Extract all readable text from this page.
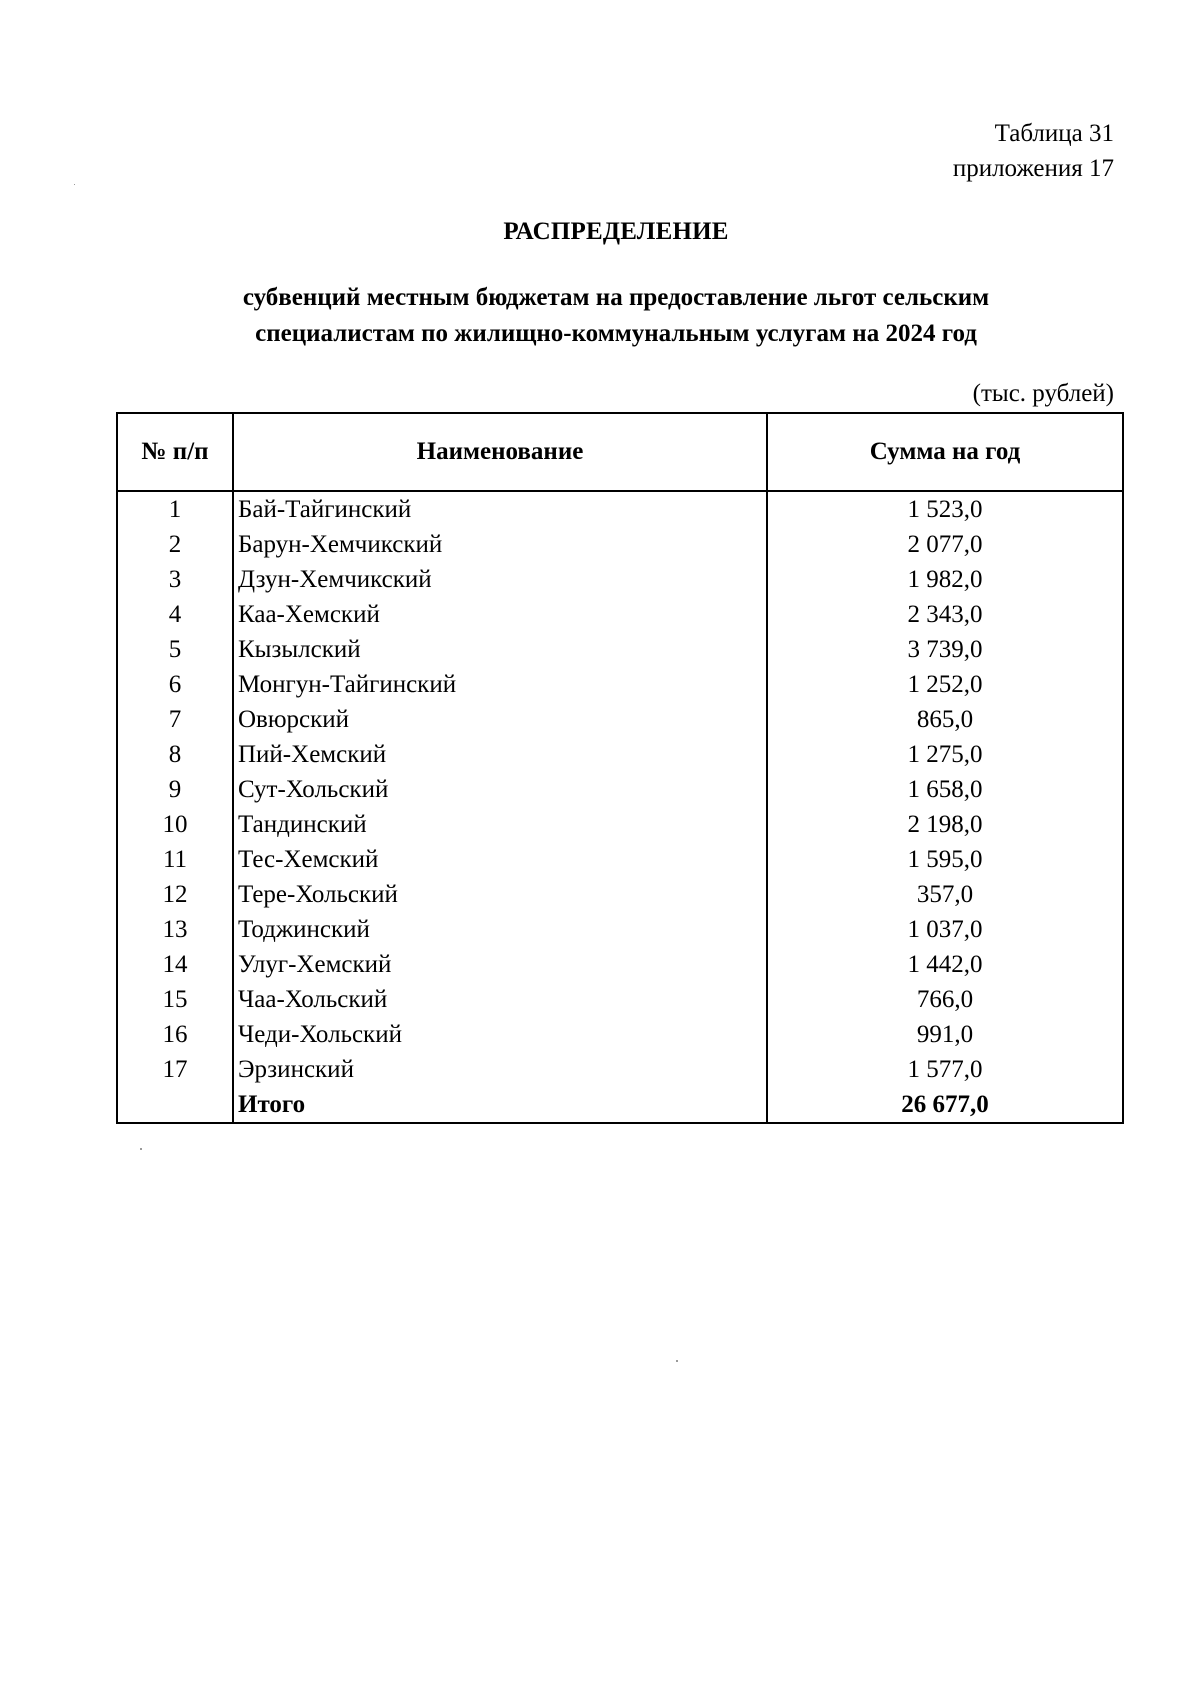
Таблица 31
приложения 17
РАСПРЕДЕЛЕНИЕ
субвенций местным бюджетам на предоставление льгот сельским
специалистам по жилищно-коммунальным услугам на 2024 год
(тыс. рублей)
№ п/п	Наименование	Сумма на год
1	Бай-Тайгинский	1 523,0
2	Барун-Хемчикский	2 077,0
3	Дзун-Хемчикский	1 982,0
4	Каа-Хемский	2 343,0
5	Кызылский	3 739,0
6	Монгун-Тайгинский	1 252,0
7	Овюрский	865,0
8	Пий-Хемский	1 275,0
9	Сут-Хольский	1 658,0
10	Тандинский	2 198,0
11	Тес-Хемский	1 595,0
12	Тере-Хольский	357,0
13	Тоджинский	1 037,0
14	Улуг-Хемский	1 442,0
15	Чаа-Хольский	766,0
16	Чеди-Хольский	991,0
17	Эрзинский	1 577,0
	Итого	26 677,0
